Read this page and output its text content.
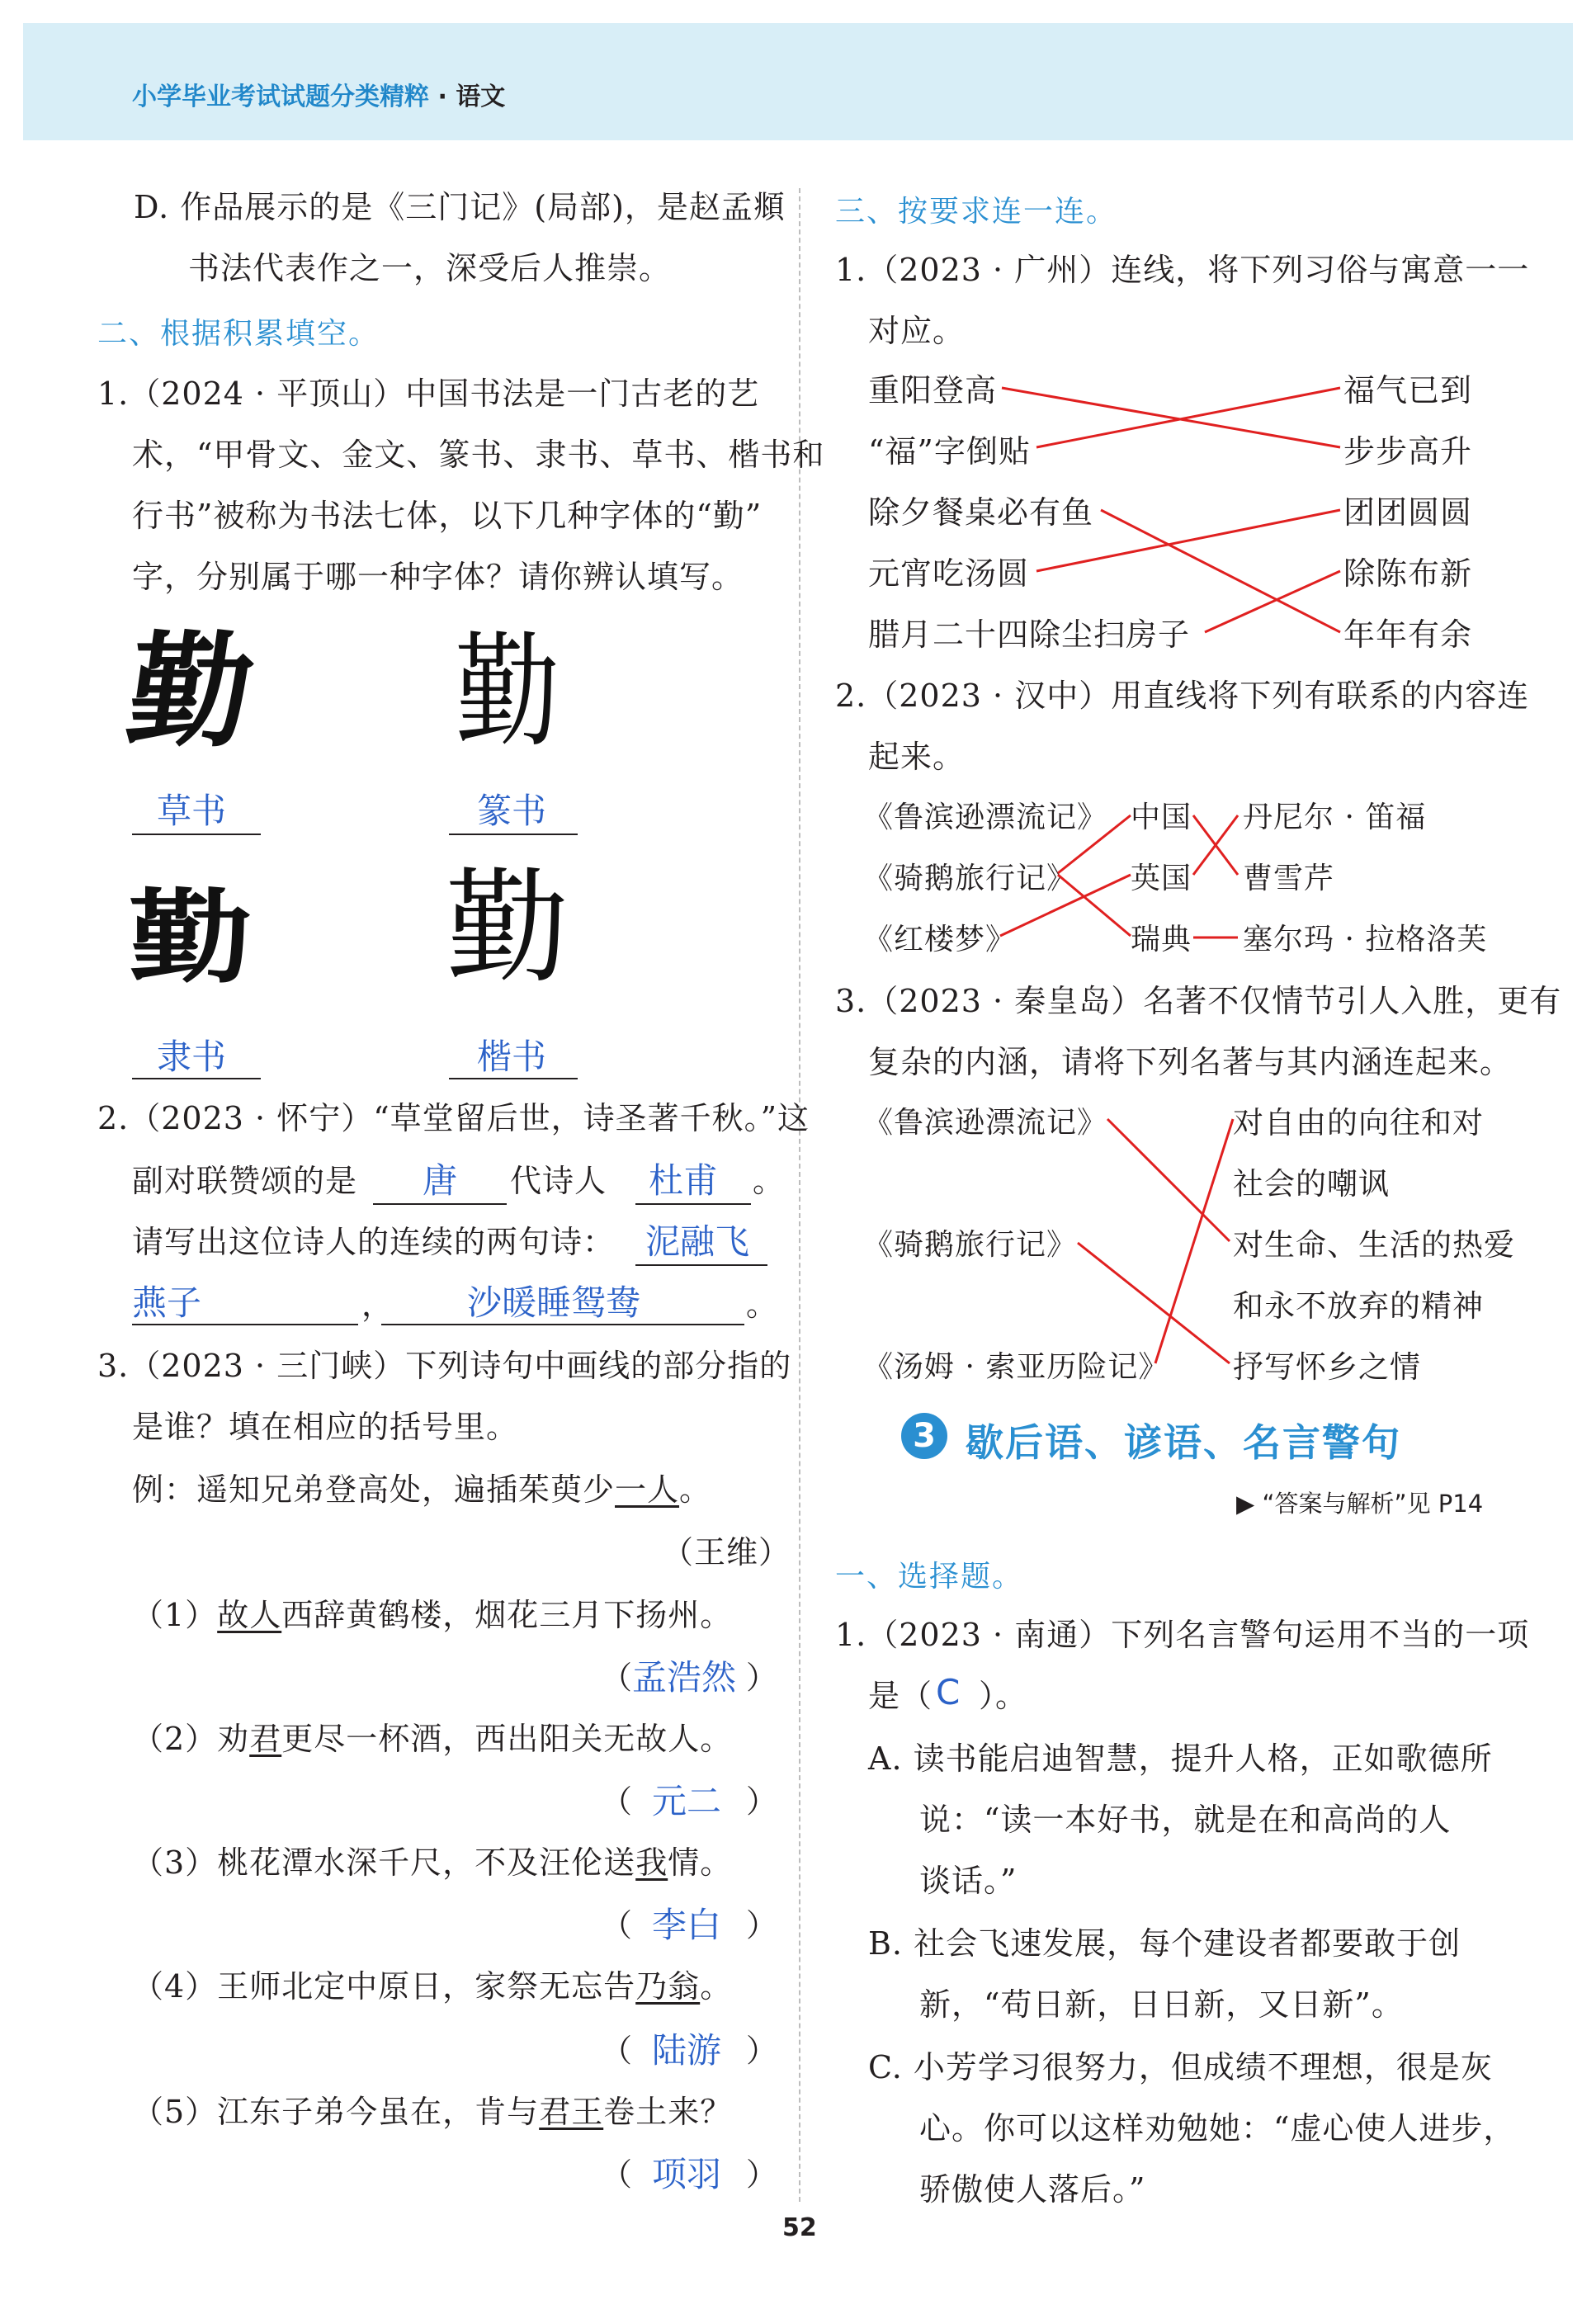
小学毕业考试试题分类精粹 · 语文
D. 作品展示的是《三门记》(局部)，是赵孟頫
书法代表作之一，深受后人推崇。
二、根据积累填空。
1.（2024 · 平顶山）中国书法是一门古老的艺
术，“甲骨文、金文、篆书、隶书、草书、楷书和
行书”被称为书法七体，以下几种字体的“勤”
字，分别属于哪一种字体？请你辨认填写。
勤 勤
勤 勤
草书	篆书
隶书	楷书
2.（2023 · 怀宁）“草堂留后世，诗圣著千秋。”这
副对联赞颂的是 唐 代诗人 杜甫 。
请写出这位诗人的连续的两句诗： 泥融飞
燕子	， 沙暖睡鸳鸯	。
3.（2023 · 三门峡）下列诗句中画线的部分指的
是谁？填在相应的括号里。
例：遥知兄弟登高处，遍插茱萸少一人。
（王维）
（1）故人西辞黄鹤楼，烟花三月下扬州。
（
孟浩然 ）
（2）劝君更尽一杯酒，西出阳关无故人。
（ 元二 ）
（3）桃花潭水深千尺，不及汪伦送我情。
（ 李白 ）
（4）王师北定中原日，家祭无忘告乃翁。
（ 陆游 ）
（5）江东子弟今虽在，肯与君王卷土来？
（ 项羽 ）
三、按要求连一连。
1.（2023 · 广州）连线，将下列习俗与寓意一一
对应。
重阳登高
“福”字倒贴
除夕餐桌必有鱼
元宵吃汤圆
腊月二十四除尘扫房子
福气已到
步步高升
团团圆圆
除陈布新
年年有余
2.（2023 · 汉中）用直线将下列有联系的内容连
起来。
《鲁滨逊漂流记》
《骑鹅旅行记》
《红楼梦》
中国
英国
瑞典
丹尼尔 · 笛福
曹雪芹
塞尔玛 · 拉格洛芙
3.（2023 · 秦皇岛）名著不仅情节引人入胜，更有
复杂的内涵，请将下列名著与其内涵连起来。
《鲁滨逊漂流记》
《骑鹅旅行记》
《汤姆 · 索亚历险记》
对自由的向往和对
社会的嘲讽
对生命、生活的热爱
和永不放弃的精神
抒写怀乡之情
3 歇后语、谚语、名言警句
▶ “答案与解析”见 P14
一、选择题。
1.（2023 · 南通）下列名言警句运用不当的一项
是（ C ）。
A. 读书能启迪智慧，提升人格，正如歌德所
说：“读一本好书，就是在和高尚的人
谈话。”
B. 社会飞速发展，每个建设者都要敢于创
新，“苟日新，日日新，又日新”。
C. 小芳学习很努力，但成绩不理想，很是灰
心。你可以这样劝勉她：“虚心使人进步，
骄傲使人落后。”
52
